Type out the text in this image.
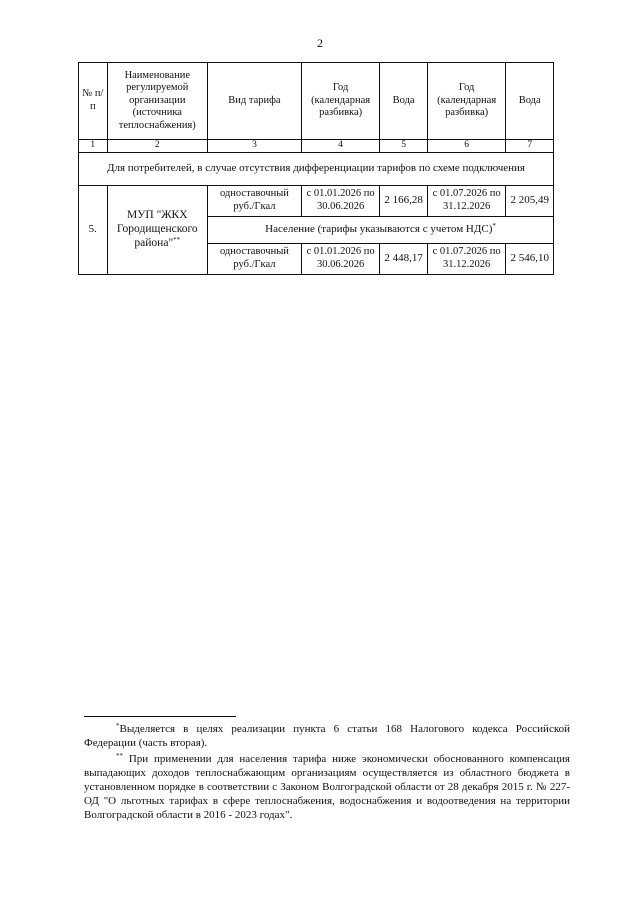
2
№ п/п	Наименование регулируемой организации (источника теплоснабжения)	Вид тарифа	Год (календарная разбивка)	Вода	Год (календарная разбивка)	Вода
1	2	3	4	5	6	7
Для потребителей, в случае отсутствия дифференциации тарифов по схеме подключения						
5.	МУП "ЖКХ Городищенского района"**	одноставочный руб./Гкал	с 01.01.2026 по 30.06.2026	2 166,28	с 01.07.2026 по 31.12.2026	2 205,49
		Население (тарифы указываются с учетом НДС)*
		одноставочный руб./Гкал	с 01.01.2026 по 30.06.2026	2 448,17	с 01.07.2026 по 31.12.2026	2 546,10

*Выделяется в целях реализации пункта 6 статьи 168 Налогового кодекса Российской Федерации (часть вторая).

** При применении для населения тарифа ниже экономически обоснованного компенсация выпадающих доходов теплоснабжающим организациям осуществляется из областного бюджета в установленном порядке в соответствии с Законом Волгоградской области от 28 декабря 2015 г. № 227-ОД "О льготных тарифах в сфере теплоснабжения, водоснабжения и водоотведения на территории Волгоградской области в 2016 - 2023 годах".
